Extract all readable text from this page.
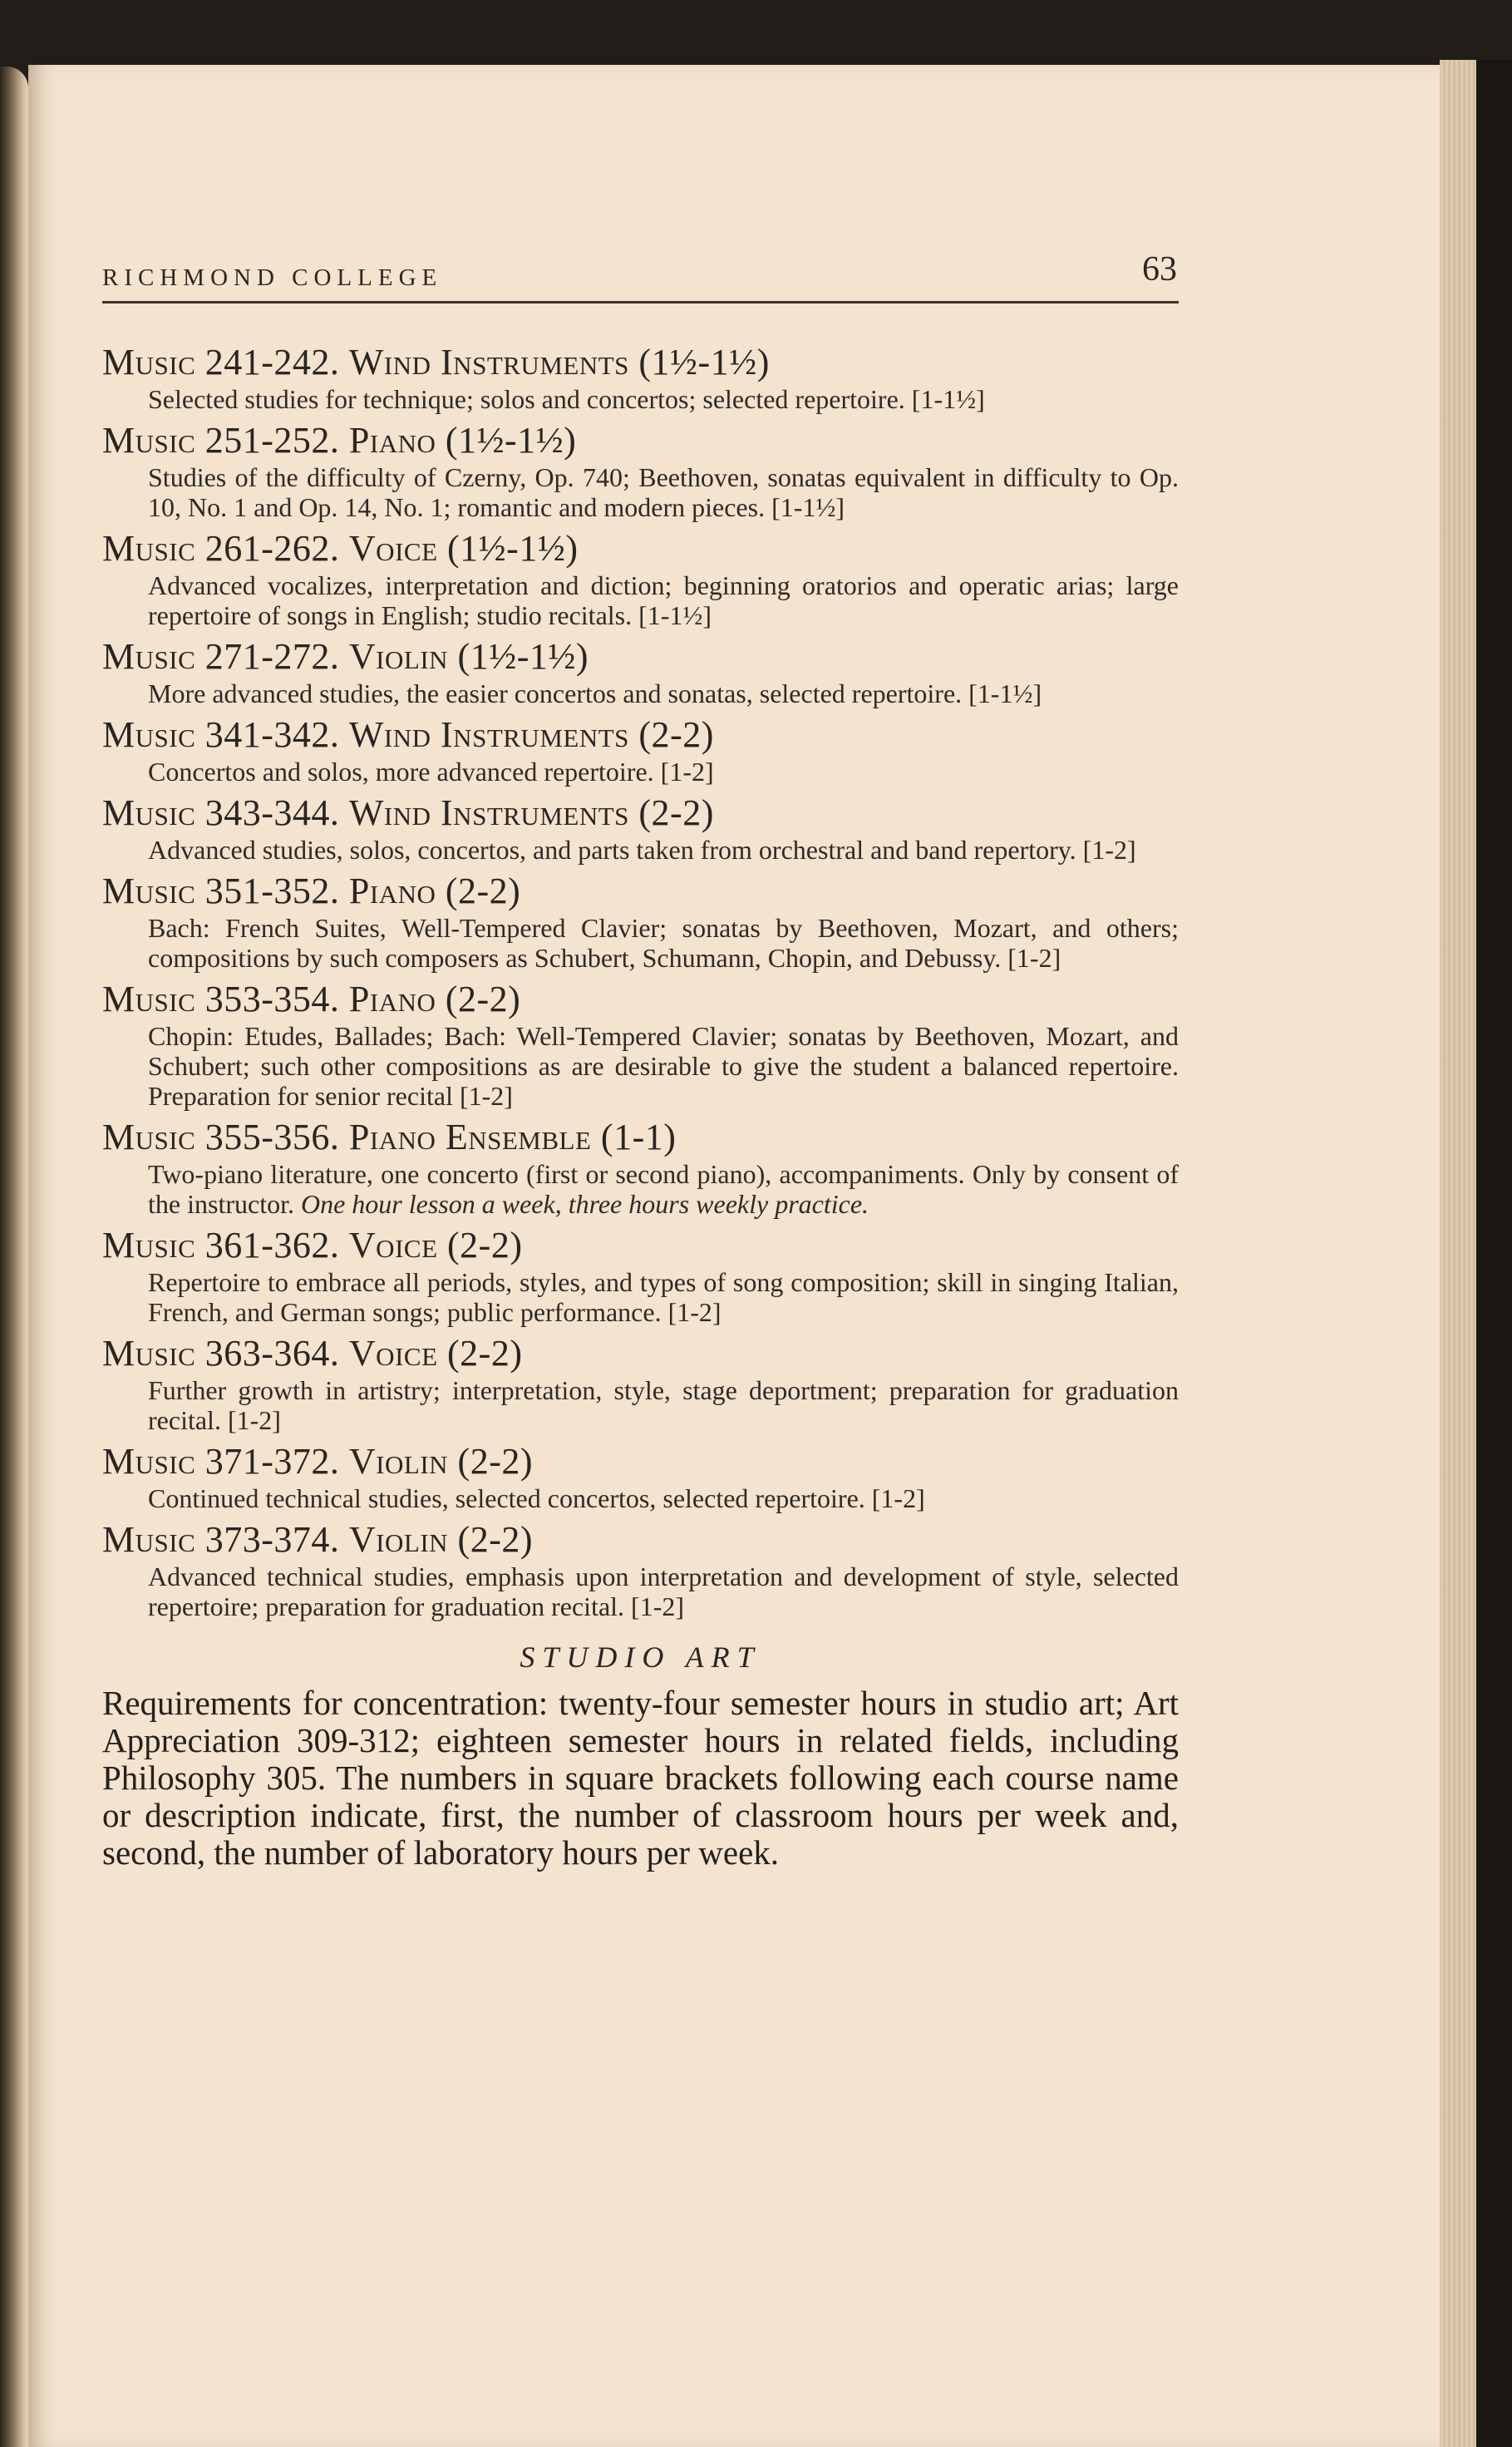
RICHMOND COLLEGE	63
Music 241-242. Wind Instruments (1½-1½)
Selected studies for technique; solos and concertos; selected repertoire. [1-1½]
Music 251-252. Piano (1½-1½)
Studies of the difficulty of Czerny, Op. 740; Beethoven, sonatas equivalent in difficulty to Op. 10, No. 1 and Op. 14, No. 1; romantic and modern pieces. [1-1½]
Music 261-262. Voice (1½-1½)
Advanced vocalizes, interpretation and diction; beginning oratorios and operatic arias; large repertoire of songs in English; studio recitals. [1-1½]
Music 271-272. Violin (1½-1½)
More advanced studies, the easier concertos and sonatas, selected repertoire. [1-1½]
Music 341-342. Wind Instruments (2-2)
Concertos and solos, more advanced repertoire. [1-2]
Music 343-344. Wind Instruments (2-2)
Advanced studies, solos, concertos, and parts taken from orchestral and band repertory. [1-2]
Music 351-352. Piano (2-2)
Bach: French Suites, Well-Tempered Clavier; sonatas by Beethoven, Mozart, and others; compositions by such composers as Schubert, Schumann, Chopin, and Debussy. [1-2]
Music 353-354. Piano (2-2)
Chopin: Etudes, Ballades; Bach: Well-Tempered Clavier; sonatas by Beethoven, Mozart, and Schubert; such other compositions as are desirable to give the student a balanced repertoire. Preparation for senior recital [1-2]
Music 355-356. Piano Ensemble (1-1)
Two-piano literature, one concerto (first or second piano), accompaniments. Only by consent of the instructor. One hour lesson a week, three hours weekly practice.
Music 361-362. Voice (2-2)
Repertoire to embrace all periods, styles, and types of song composition; skill in singing Italian, French, and German songs; public performance. [1-2]
Music 363-364. Voice (2-2)
Further growth in artistry; interpretation, style, stage deportment; preparation for graduation recital. [1-2]
Music 371-372. Violin (2-2)
Continued technical studies, selected concertos, selected repertoire. [1-2]
Music 373-374. Violin (2-2)
Advanced technical studies, emphasis upon interpretation and development of style, selected repertoire; preparation for graduation recital. [1-2]
STUDIO ART
Requirements for concentration: twenty-four semester hours in studio art; Art Appreciation 309-312; eighteen semester hours in related fields, including Philosophy 305. The numbers in square brackets following each course name or description indicate, first, the number of classroom hours per week and, second, the number of laboratory hours per week.
